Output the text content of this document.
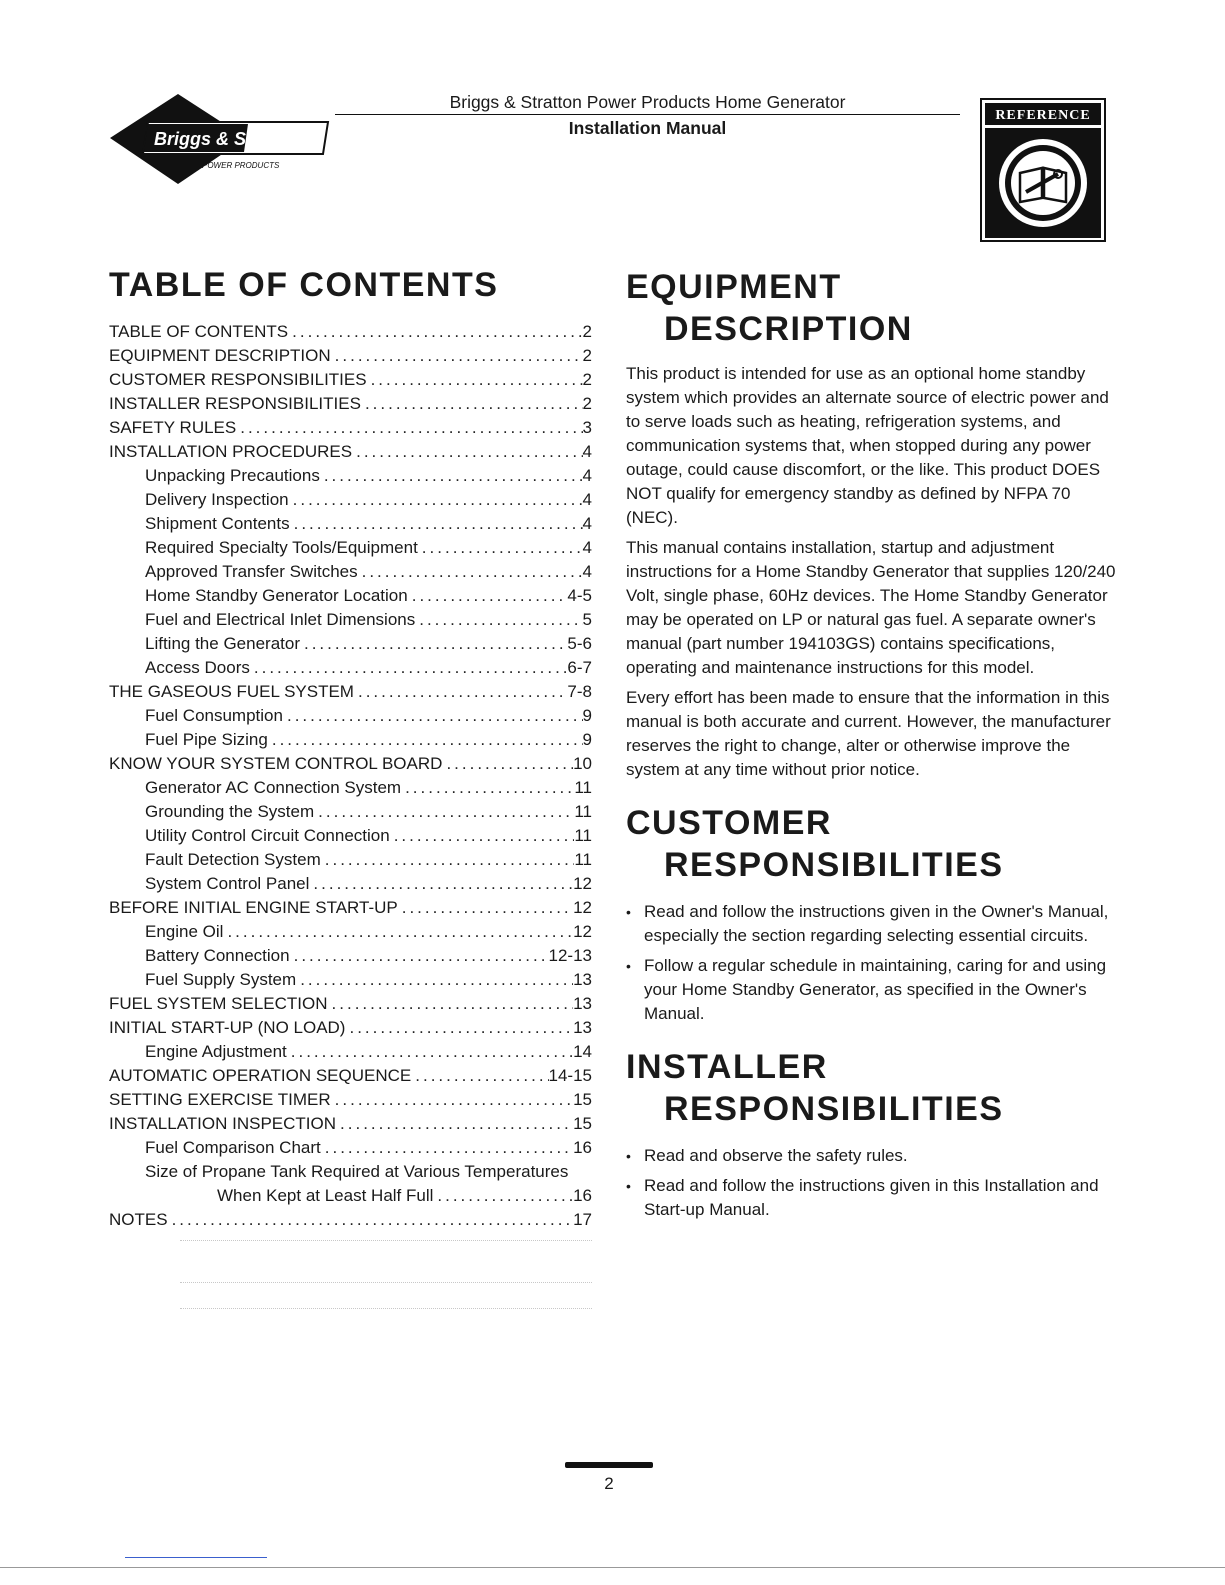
Briggs & Stratton
POWER PRODUCTS
Briggs & Stratton Power Products Home Generator
Installation Manual
REFERENCE
TABLE OF CONTENTS
TABLE OF CONTENTS .....	2
EQUIPMENT DESCRIPTION .....	2
CUSTOMER RESPONSIBILITIES .....	2
INSTALLER RESPONSIBILITIES .....	2
SAFETY RULES .....	3
INSTALLATION PROCEDURES .....	4
Unpacking Precautions .....	4
Delivery Inspection .....	4
Shipment Contents .....	4
Required Specialty Tools/Equipment .....	4
Approved Transfer Switches .....	4
Home Standby Generator Location .....	4-5
Fuel and Electrical Inlet Dimensions .....	5
Lifting the Generator .....	5-6
Access Doors .....	6-7
THE GASEOUS FUEL SYSTEM .....	7-8
Fuel Consumption .....	9
Fuel Pipe Sizing .....	9
KNOW YOUR SYSTEM CONTROL BOARD .....	10
Generator AC Connection System .....	11
Grounding the System .....	11
Utility Control Circuit Connection .....	11
Fault Detection System .....	11
System Control Panel .....	12
BEFORE INITIAL ENGINE START-UP .....	12
Engine Oil .....	12
Battery Connection .....	12-13
Fuel Supply System .....	13
FUEL SYSTEM SELECTION .....	13
INITIAL START-UP (NO LOAD) .....	13
Engine Adjustment .....	14
AUTOMATIC OPERATION SEQUENCE .....	14-15
SETTING EXERCISE TIMER .....	15
INSTALLATION INSPECTION .....	15
Fuel Comparison Chart .....	16
Size of Propane Tank Required at Various Temperatures
When Kept at Least Half Full .....	16
NOTES .....	17
EQUIPMENT
DESCRIPTION

This product is intended for use as an optional home standby system which provides an alternate source of electric power and to serve loads such as heating, refrigeration systems, and communication systems that, when stopped during any power outage, could cause discomfort, or the like. This product DOES NOT qualify for emergency standby as defined by NFPA 70 (NEC).

This manual contains installation, startup and adjustment instructions for a Home Standby Generator that supplies 120/240 Volt, single phase, 60Hz devices. The Home Standby Generator may be operated on LP or natural gas fuel. A separate owner's manual (part number 194103GS) contains specifications, operating and maintenance instructions for this model.

Every effort has been made to ensure that the information in this manual is both accurate and current. However, the manufacturer reserves the right to change, alter or otherwise improve the system at any time without prior notice.

CUSTOMER
RESPONSIBILITIES
• Read and follow the instructions given in the Owner's Manual, especially the section regarding selecting essential circuits.
• Follow a regular schedule in maintaining, caring for and using your Home Standby Generator, as specified in the Owner's Manual.
INSTALLER
RESPONSIBILITIES
• Read and observe the safety rules.
• Read and follow the instructions given in this Installation and Start-up Manual.
2
